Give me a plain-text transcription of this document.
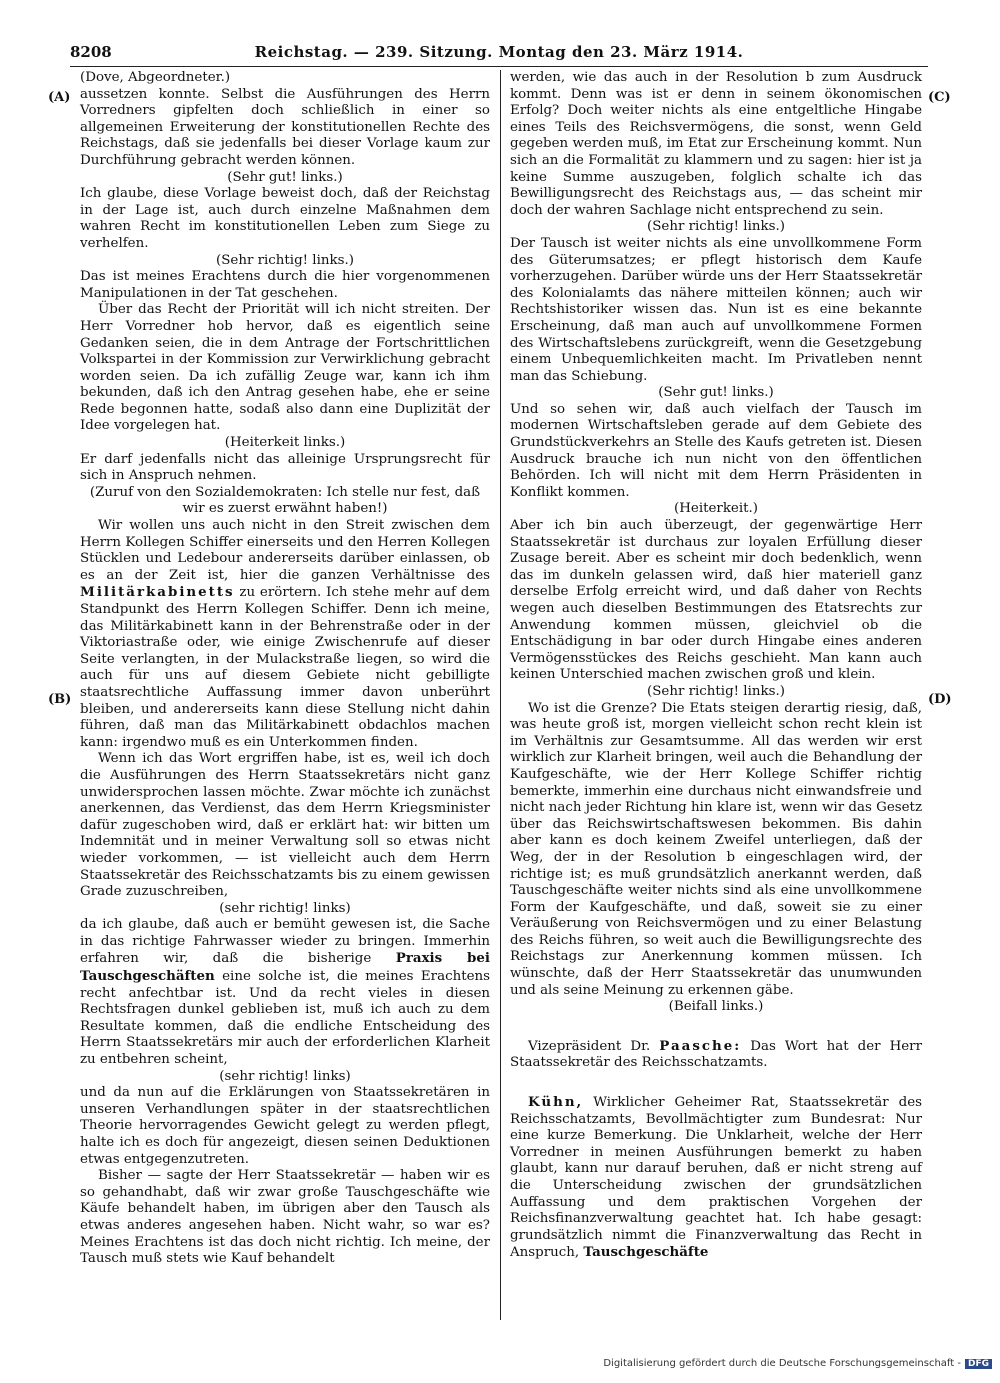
8208	Reichstag. — 239. Sitzung. Montag den 23. März 1914.
(A)
(B)
(C)
(D)

(Dove, Abgeordneter.)

aussetzen konnte. Selbst die Ausführungen des Herrn Vorredners gipfelten doch schließlich in einer so allgemeinen Erweiterung der konstitutionellen Rechte des Reichstags, daß sie jedenfalls bei dieser Vorlage kaum zur Durchführung gebracht werden können.

(Sehr gut! links.)

Ich glaube, diese Vorlage beweist doch, daß der Reichstag in der Lage ist, auch durch einzelne Maßnahmen dem wahren Recht im konstitutionellen Leben zum Siege zu verhelfen.

(Sehr richtig! links.)

Das ist meines Erachtens durch die hier vorgenommenen Manipulationen in der Tat geschehen.

Über das Recht der Priorität will ich nicht streiten. Der Herr Vorredner hob hervor, daß es eigentlich seine Gedanken seien, die in dem Antrage der Fortschrittlichen Volkspartei in der Kommission zur Verwirklichung gebracht worden seien. Da ich zufällig Zeuge war, kann ich ihm bekunden, daß ich den Antrag gesehen habe, ehe er seine Rede begonnen hatte, sodaß also dann eine Duplizität der Idee vorgelegen hat.

(Heiterkeit links.)

Er darf jedenfalls nicht das alleinige Ursprungsrecht für sich in Anspruch nehmen.

(Zuruf von den Sozialdemokraten: Ich stelle nur fest, daß wir es zuerst erwähnt haben!)

Wir wollen uns auch nicht in den Streit zwischen dem Herrn Kollegen Schiffer einerseits und den Herren Kollegen Stücklen und Ledebour andererseits darüber einlassen, ob es an der Zeit ist, hier die ganzen Verhältnisse des Militärkabinetts zu erörtern. Ich stehe mehr auf dem Standpunkt des Herrn Kollegen Schiffer. Denn ich meine, das Militärkabinett kann in der Behrenstraße oder in der Viktoriastraße oder, wie einige Zwischenrufe auf dieser Seite verlangten, in der Mulackstraße liegen, so wird die auch für uns auf diesem Gebiete nicht gebilligte staatsrechtliche Auffassung immer davon unberührt bleiben, und andererseits kann diese Stellung nicht dahin führen, daß man das Militärkabinett obdachlos machen kann: irgendwo muß es ein Unterkommen finden.

Wenn ich das Wort ergriffen habe, ist es, weil ich doch die Ausführungen des Herrn Staatssekretärs nicht ganz unwidersprochen lassen möchte. Zwar möchte ich zunächst anerkennen, das Verdienst, das dem Herrn Kriegsminister dafür zugeschoben wird, daß er erklärt hat: wir bitten um Indemnität und in meiner Verwaltung soll so etwas nicht wieder vorkommen, — ist vielleicht auch dem Herrn Staatssekretär des Reichsschatzamts bis zu einem gewissen Grade zuzuschreiben,

(sehr richtig! links)

da ich glaube, daß auch er bemüht gewesen ist, die Sache in das richtige Fahrwasser wieder zu bringen. Immerhin erfahren wir, daß die bisherige Praxis bei Tauschgeschäften eine solche ist, die meines Erachtens recht anfechtbar ist. Und da recht vieles in diesen Rechtsfragen dunkel geblieben ist, muß ich auch zu dem Resultate kommen, daß die endliche Entscheidung des Herrn Staatssekretärs mir auch der erforderlichen Klarheit zu entbehren scheint,

(sehr richtig! links)

und da nun auf die Erklärungen von Staatssekretären in unseren Verhandlungen später in der staatsrechtlichen Theorie hervorragendes Gewicht gelegt zu werden pflegt, halte ich es doch für angezeigt, diesen seinen Deduktionen etwas entgegenzutreten.

Bisher — sagte der Herr Staatssekretär — haben wir es so gehandhabt, daß wir zwar große Tauschgeschäfte wie Käufe behandelt haben, im übrigen aber den Tausch als etwas anderes angesehen haben. Nicht wahr, so war es? Meines Erachtens ist das doch nicht richtig. Ich meine, der Tausch muß stets wie Kauf behandelt

werden, wie das auch in der Resolution b zum Ausdruck kommt. Denn was ist er denn in seinem ökonomischen Erfolg? Doch weiter nichts als eine entgeltliche Hingabe eines Teils des Reichsvermögens, die sonst, wenn Geld gegeben werden muß, im Etat zur Erscheinung kommt. Nun sich an die Formalität zu klammern und zu sagen: hier ist ja keine Summe auszugeben, folglich schalte ich das Bewilligungsrecht des Reichstags aus, — das scheint mir doch der wahren Sachlage nicht entsprechend zu sein.

(Sehr richtig! links.)

Der Tausch ist weiter nichts als eine unvollkommene Form des Güterumsatzes; er pflegt historisch dem Kaufe vorherzugehen. Darüber würde uns der Herr Staatssekretär des Kolonialamts das nähere mitteilen können; auch wir Rechtshistoriker wissen das. Nun ist es eine bekannte Erscheinung, daß man auch auf unvollkommene Formen des Wirtschaftslebens zurückgreift, wenn die Gesetzgebung einem Unbequemlichkeiten macht. Im Privatleben nennt man das Schiebung.

(Sehr gut! links.)

Und so sehen wir, daß auch vielfach der Tausch im modernen Wirtschaftsleben gerade auf dem Gebiete des Grundstückverkehrs an Stelle des Kaufs getreten ist. Diesen Ausdruck brauche ich nun nicht von den öffentlichen Behörden. Ich will nicht mit dem Herrn Präsidenten in Konflikt kommen.

(Heiterkeit.)

Aber ich bin auch überzeugt, der gegenwärtige Herr Staatssekretär ist durchaus zur loyalen Erfüllung dieser Zusage bereit. Aber es scheint mir doch bedenklich, wenn das im dunkeln gelassen wird, daß hier materiell ganz derselbe Erfolg erreicht wird, und daß daher von Rechts wegen auch dieselben Bestimmungen des Etatsrechts zur Anwendung kommen müssen, gleichviel ob die Entschädigung in bar oder durch Hingabe eines anderen Vermögensstückes des Reichs geschieht. Man kann auch keinen Unterschied machen zwischen groß und klein.

(Sehr richtig! links.)

Wo ist die Grenze? Die Etats steigen derartig riesig, daß, was heute groß ist, morgen vielleicht schon recht klein ist im Verhältnis zur Gesamtsumme. All das werden wir erst wirklich zur Klarheit bringen, weil auch die Behandlung der Kaufgeschäfte, wie der Herr Kollege Schiffer richtig bemerkte, immerhin eine durchaus nicht einwandsfreie und nicht nach jeder Richtung hin klare ist, wenn wir das Gesetz über das Reichswirtschaftswesen bekommen. Bis dahin aber kann es doch keinem Zweifel unterliegen, daß der Weg, der in der Resolution b eingeschlagen wird, der richtige ist; es muß grundsätzlich anerkannt werden, daß Tauschgeschäfte weiter nichts sind als eine unvollkommene Form der Kaufgeschäfte, und daß, soweit sie zu einer Veräußerung von Reichsvermögen und zu einer Belastung des Reichs führen, so weit auch die Bewilligungsrechte des Reichstags zur Anerkennung kommen müssen. Ich wünschte, daß der Herr Staatssekretär das unumwunden und als seine Meinung zu erkennen gäbe.

(Beifall links.)

Vizepräsident Dr. Paasche: Das Wort hat der Herr Staatssekretär des Reichsschatzamts.

Kühn, Wirklicher Geheimer Rat, Staatssekretär des Reichsschatzamts, Bevollmächtigter zum Bundesrat: Nur eine kurze Bemerkung. Die Unklarheit, welche der Herr Vorredner in meinen Ausführungen bemerkt zu haben glaubt, kann nur darauf beruhen, daß er nicht streng auf die Unterscheidung zwischen der grundsätzlichen Auffassung und dem praktischen Vorgehen der Reichsfinanzverwaltung geachtet hat. Ich habe gesagt: grundsätzlich nimmt die Finanzverwaltung das Recht in Anspruch, Tauschgeschäfte

Digitalisierung gefördert durch die Deutsche Forschungsgemeinschaft - DFG
